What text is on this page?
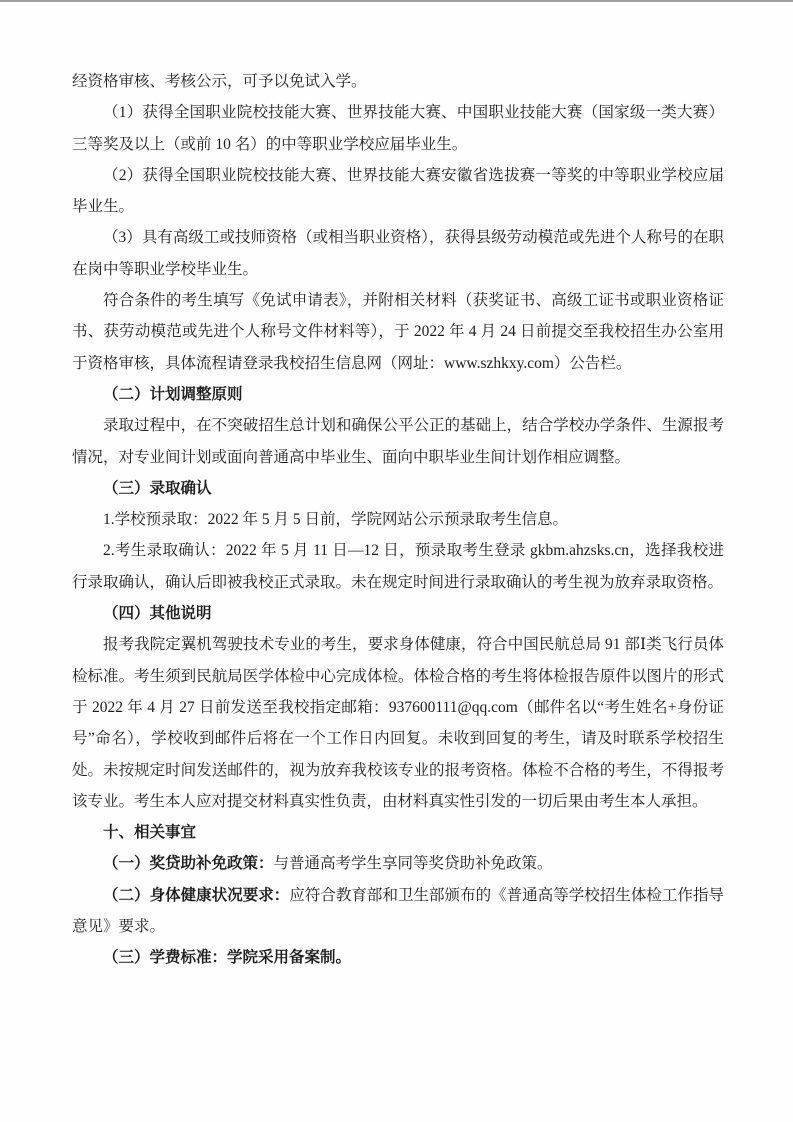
经资格审核、考核公示，可予以免试入学。

（1）获得全国职业院校技能大赛、世界技能大赛、中国职业技能大赛（国家级一类大赛）三等奖及以上（或前 10 名）的中等职业学校应届毕业生。

（2）获得全国职业院校技能大赛、世界技能大赛安徽省选拔赛一等奖的中等职业学校应届毕业生。

（3）具有高级工或技师资格（或相当职业资格），获得县级劳动模范或先进个人称号的在职在岗中等职业学校毕业生。

符合条件的考生填写《免试申请表》，并附相关材料（获奖证书、高级工证书或职业资格证书、获劳动模范或先进个人称号文件材料等），于 2022 年 4 月 24 日前提交至我校招生办公室用于资格审核，具体流程请登录我校招生信息网（网址：www.szhkxy.com）公告栏。

（二）计划调整原则

录取过程中，在不突破招生总计划和确保公平公正的基础上，结合学校办学条件、生源报考情况，对专业间计划或面向普通高中毕业生、面向中职毕业生间计划作相应调整。

（三）录取确认

1.学校预录取：2022 年 5 月 5 日前，学院网站公示预录取考生信息。

2.考生录取确认：2022 年 5 月 11 日—12 日，预录取考生登录 gkbm.ahzsks.cn，选择我校进行录取确认，确认后即被我校正式录取。未在规定时间进行录取确认的考生视为放弃录取资格。

（四）其他说明

报考我院定翼机驾驶技术专业的考生，要求身体健康，符合中国民航总局 91 部Ⅰ类飞行员体检标准。考生须到民航局医学体检中心完成体检。体检合格的考生将体检报告原件以图片的形式于 2022 年 4 月 27 日前发送至我校指定邮箱：937600111@qq.com（邮件名以“考生姓名+身份证号”命名），学校收到邮件后将在一个工作日内回复。未收到回复的考生，请及时联系学校招生处。未按规定时间发送邮件的，视为放弃我校该专业的报考资格。体检不合格的考生，不得报考该专业。考生本人应对提交材料真实性负责，由材料真实性引发的一切后果由考生本人承担。

十、相关事宜

（一）奖贷助补免政策：与普通高考学生享同等奖贷助补免政策。

（二）身体健康状况要求：应符合教育部和卫生部颁布的《普通高等学校招生体检工作指导意见》要求。

（三）学费标准：学院采用备案制。
